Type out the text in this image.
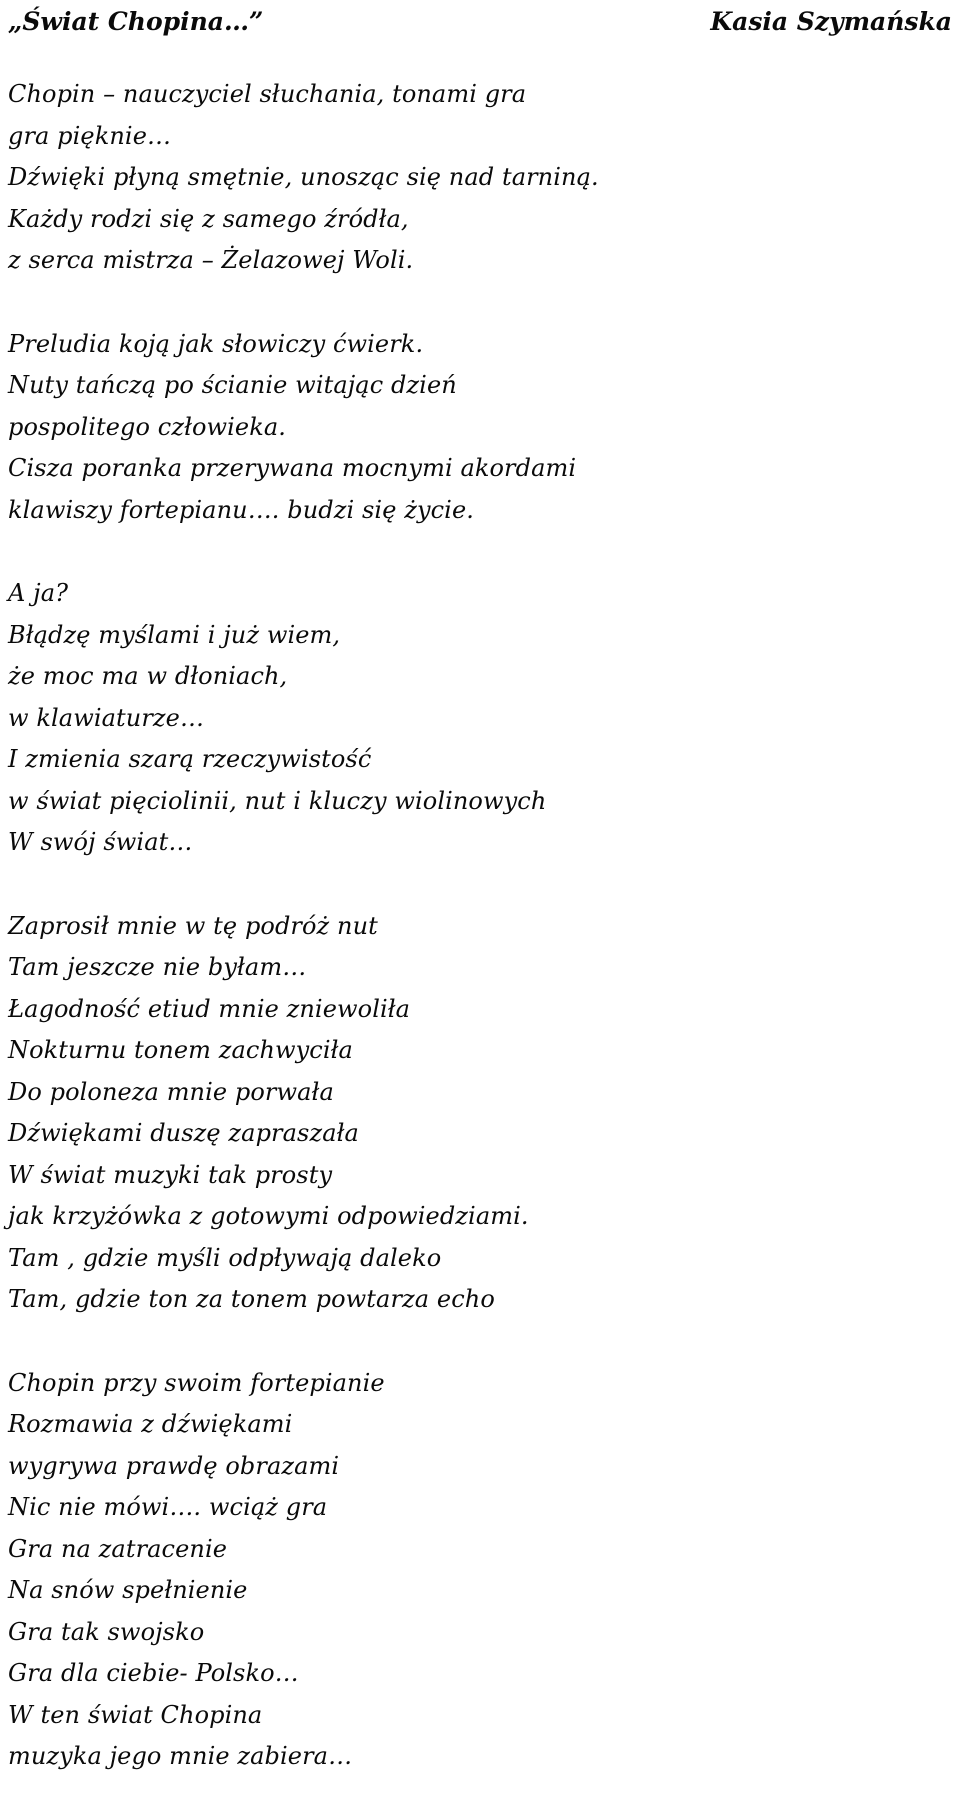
„Świat Chopina…”	Kasia Szymańska
Chopin – nauczyciel słuchania, tonami gra
gra pięknie…
Dźwięki płyną smętnie, unosząc się nad tarniną.
Każdy rodzi się z samego źródła,
z serca mistrza – Żelazowej Woli.
Preludia koją jak słowiczy ćwierk.
Nuty tańczą po ścianie witając dzień
pospolitego człowieka.
Cisza poranka przerywana mocnymi akordami
klawiszy fortepianu…. budzi się życie.
A ja?
Błądzę myślami i już wiem,
że moc ma w dłoniach,
w klawiaturze…
I zmienia szarą rzeczywistość
w świat pięciolinii, nut i kluczy wiolinowych
W swój świat…
Zaprosił mnie w tę podróż nut
Tam jeszcze nie byłam…
Łagodność etiud mnie zniewoliła
Nokturnu tonem zachwyciła
Do poloneza mnie porwała
Dźwiękami duszę zapraszała
W świat muzyki tak prosty
jak krzyżówka z gotowymi odpowiedziami.
Tam , gdzie myśli odpływają daleko
Tam, gdzie ton za tonem powtarza echo
Chopin przy swoim fortepianie
Rozmawia z dźwiękami
wygrywa prawdę obrazami
Nic nie mówi…. wciąż gra
Gra na zatracenie
Na snów spełnienie
Gra tak swojsko
Gra dla ciebie- Polsko…
W ten świat Chopina
muzyka jego mnie zabiera…
